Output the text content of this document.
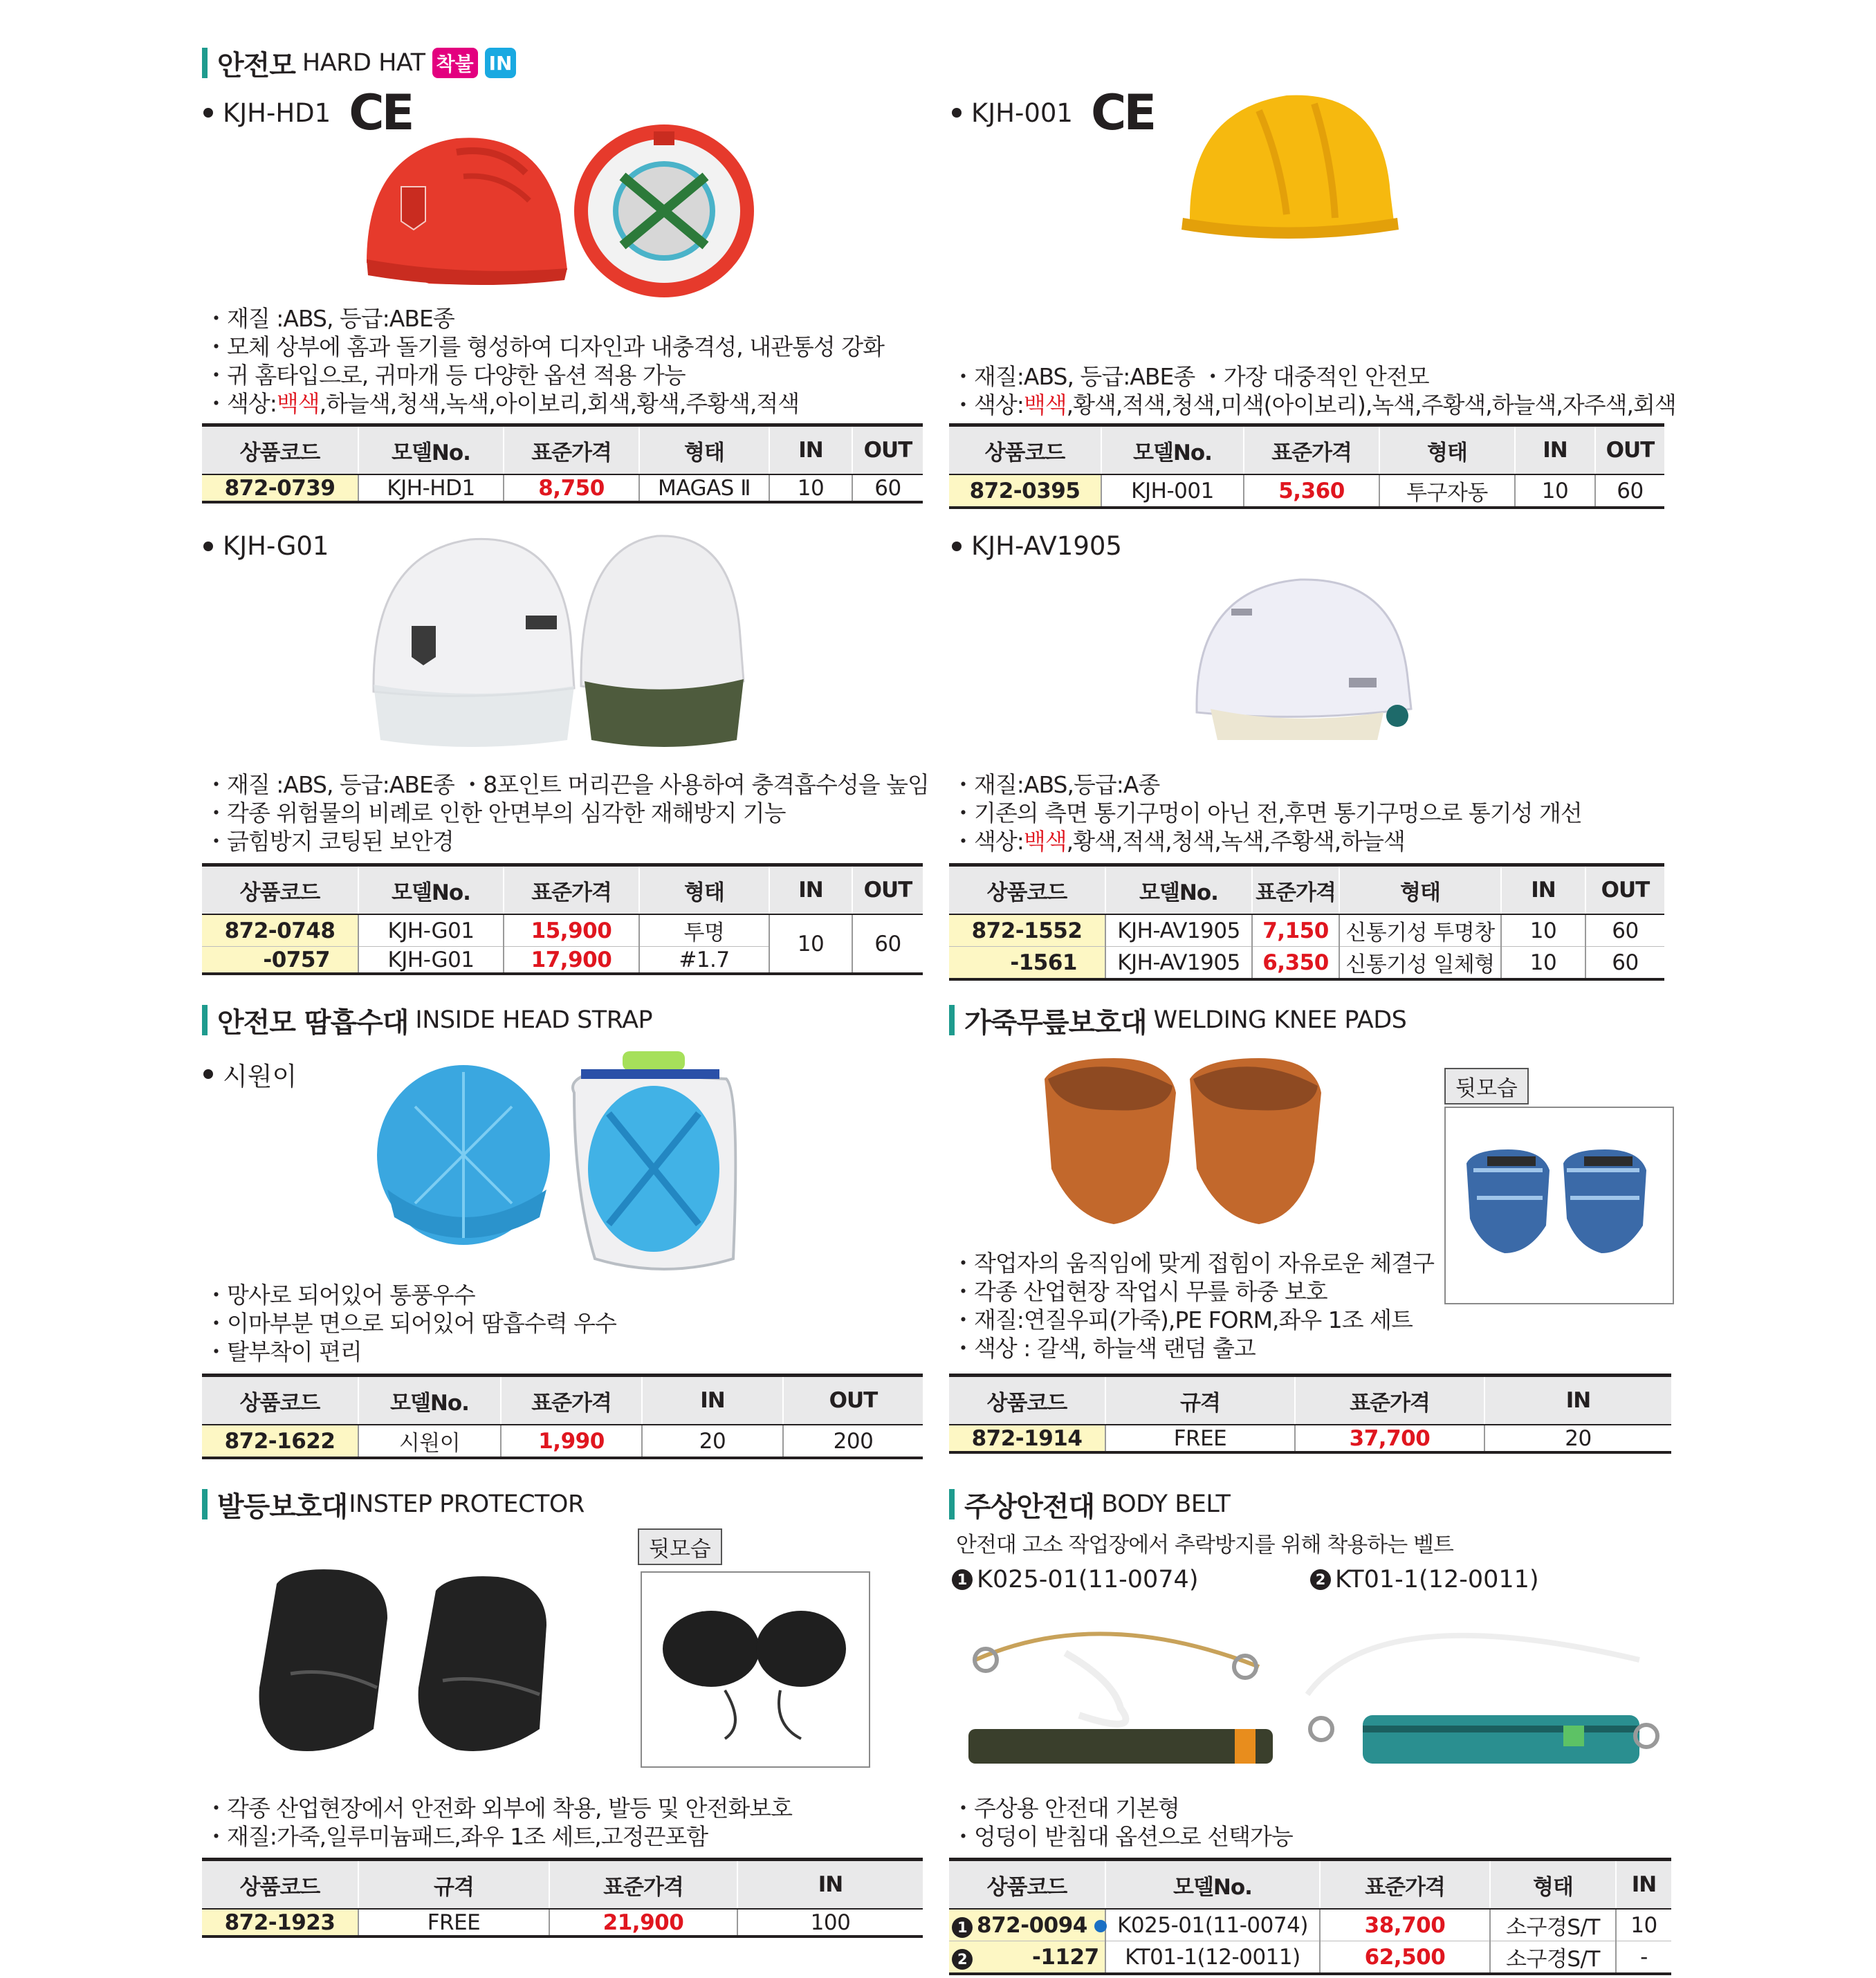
안전모 HARD HAT 착불 IN
KJH-HD1 CE
・재질 :ABS, 등급:ABE종
・모체 상부에 홈과 돌기를 형성하여 디자인과 내충격성, 내관통성 강화
・귀 홈타입으로, 귀마개 등 다양한 옵션 적용 가능
・색상:백색,하늘색,청색,녹색,아이보리,회색,황색,주황색,적색
상품코드	모델No.	표준가격	형태	IN	OUT
872-0739	KJH-HD1	8,750	MAGAS Ⅱ	10	60
KJH-001 CE
・재질:ABS, 등급:ABE종 ・가장 대중적인 안전모
・색상:백색,황색,적색,청색,미색(아이보리),녹색,주황색,하늘색,자주색,회색
상품코드	모델No.	표준가격	형태	IN	OUT
872-0395	KJH-001	5,360	투구자동	10	60
KJH-G01
・재질 :ABS, 등급:ABE종 ・8포인트 머리끈을 사용하여 충격흡수성을 높임
・각종 위험물의 비례로 인한 안면부의 심각한 재해방지 기능
・긁힘방지 코팅된 보안경
상품코드	모델No.	표준가격	형태	IN	OUT
872-0748	KJH-G01	15,900	투명	10	60
-0757	KJH-G01	17,900	#1.7		
KJH-AV1905
・재질:ABS,등급:A종
・기존의 측면 통기구멍이 아닌 전,후면 통기구멍으로 통기성 개선
・색상:백색,황색,적색,청색,녹색,주황색,하늘색
상품코드	모델No.	표준가격	형태	IN	OUT
872-1552	KJH-AV1905	7,150	신통기성 투명창	10	60
-1561	KJH-AV1905	6,350	신통기성 일체형	10	60
안전모 땀흡수대 INSIDE HEAD STRAP
시원이
・망사로 되어있어 통풍우수
・이마부분 면으로 되어있어 땀흡수력 우수
・탈부착이 편리
상품코드	모델No.	표준가격	IN	OUT
872-1622	시원이	1,990	20	200
가죽무릎보호대 WELDING KNEE PADS
뒷모습
・작업자의 움직임에 맞게 접힘이 자유로운 체결구
・각종 산업현장 작업시 무릎 하중 보호
・재질:연질우피(가죽),PE FORM,좌우 1조 세트
・색상 : 갈색, 하늘색 랜덤 출고
상품코드	규격	표준가격	IN
872-1914	FREE	37,700	20
발등보호대 INSTEP PROTECTOR
뒷모습
・각종 산업현장에서 안전화 외부에 착용, 발등 및 안전화보호
・재질:가죽,일루미늄패드,좌우 1조 세트,고정끈포함
상품코드	규격	표준가격	IN
872-1923	FREE	21,900	100
주상안전대 BODY BELT
안전대 고소 작업장에서 추락방지를 위해 착용하는 벨트
1 K025-01(11-0074)	2 KT01-1(12-0011)
・주상용 안전대 기본형
・엉덩이 받침대 옵션으로 선택가능
상품코드	모델No.	표준가격	형태	IN
1 872-0094	K025-01(11-0074)	38,700	소구경S/T	10
2 -1127	KT01-1(12-0011)	62,500	소구경S/T	-
